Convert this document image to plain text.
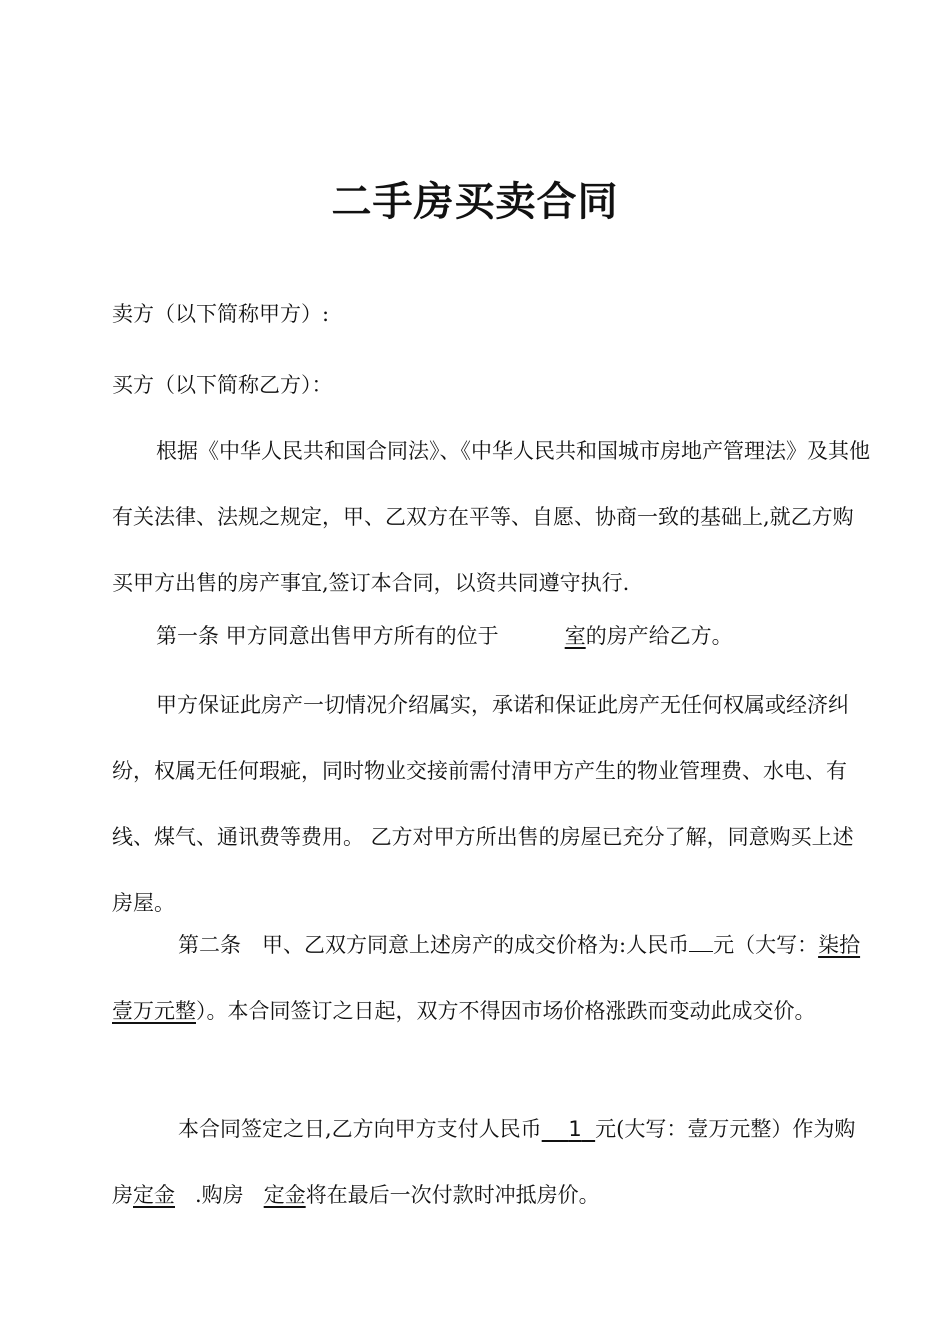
二手房买卖合同
卖方（以下简称甲方）:
买方（以下简称乙方）：
根据《中华人民共和国合同法》、《中华人民共和国城市房地产管理法》及其他有关法律、法规之规定，甲、乙双方在平等、自愿、协商一致的基础上,就乙方购买甲方出售的房产事宜,签订本合同，以资共同遵守执行.
第一条 甲方同意出售甲方所有的位于	室的房产给乙方。
甲方保证此房产一切情况介绍属实，承诺和保证此房产无任何权属或经济纠纷，权属无任何瑕疵，同时物业交接前需付清甲方产生的物业管理费、水电、有线、煤气、通讯费等费用。 乙方对甲方所出售的房屋已充分了解，同意购买上述房屋。
第二条　甲、乙双方同意上述房产的成交价格为:人民币 元（大写：柒拾壹万元整）。本合同签订之日起，双方不得因市场价格涨跌而变动此成交价。
本合同签定之日,乙方向甲方支付人民币 1 元(大写：壹万元整）作为购房定金 .购房 定金将在最后一次付款时冲抵房价。
